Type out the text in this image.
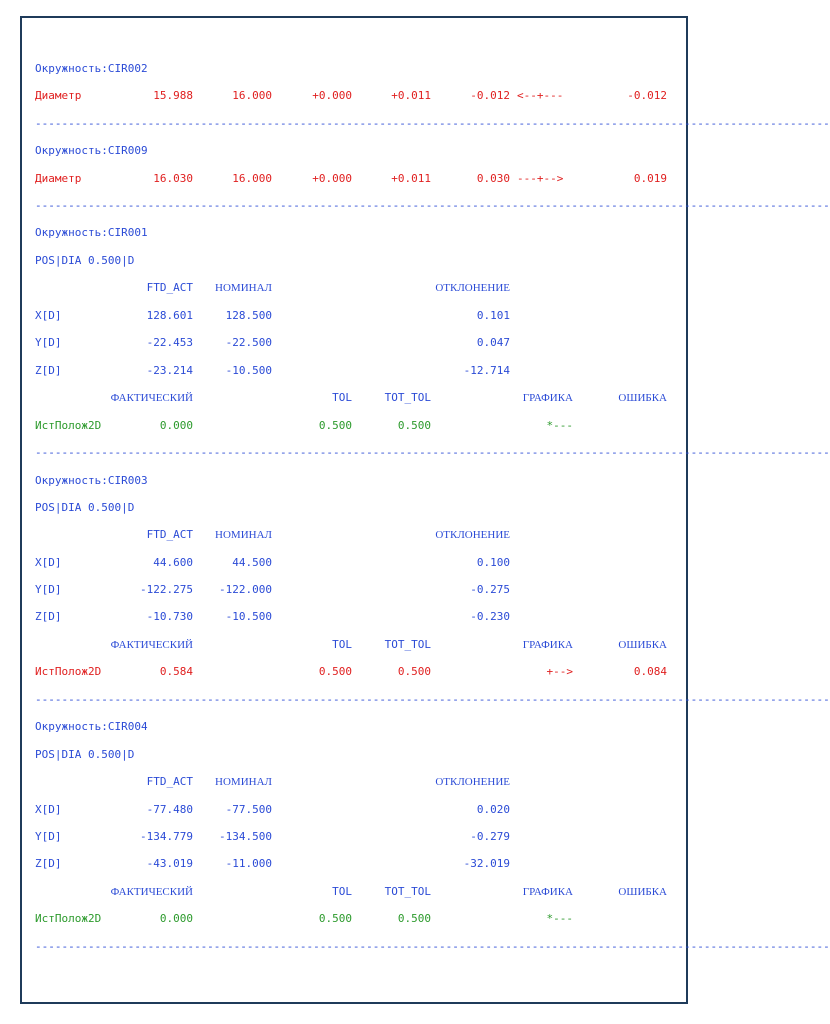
Окружность:CIR002
Диаметр	15.988	16.000	+0.000	+0.011	-0.012 <--+---	-0.012
------------------------------------------------------------------------------------------------------------------------
Окружность:CIR009
Диаметр	16.030	16.000	+0.000	+0.011	0.030 ---+-->	0.019
------------------------------------------------------------------------------------------------------------------------
Окружность:CIR001
POS|DIA 0.500|D
FTD_ACT	НОМИНАЛ	ОТКЛОНЕНИЕ
X[D]	128.601	128.500	0.101
Y[D]	-22.453	-22.500	0.047
Z[D]	-23.214	-10.500	-12.714
ФАКТИЧЕСКИЙ	TOL	TOT_TOL	ГРАФИКА	ОШИБКА
ИстПолож2D	0.000	0.500	0.500	*---
------------------------------------------------------------------------------------------------------------------------
Окружность:CIR003
POS|DIA 0.500|D
FTD_ACT	НОМИНАЛ	ОТКЛОНЕНИЕ
X[D]	44.600	44.500	0.100
Y[D]	-122.275	-122.000	-0.275
Z[D]	-10.730	-10.500	-0.230
ФАКТИЧЕСКИЙ	TOL	TOT_TOL	ГРАФИКА	ОШИБКА
ИстПолож2D	0.584	0.500	0.500	+-->	0.084
------------------------------------------------------------------------------------------------------------------------
Окружность:CIR004
POS|DIA 0.500|D
FTD_ACT	НОМИНАЛ	ОТКЛОНЕНИЕ
X[D]	-77.480	-77.500	0.020
Y[D]	-134.779	-134.500	-0.279
Z[D]	-43.019	-11.000	-32.019
ФАКТИЧЕСКИЙ	TOL	TOT_TOL	ГРАФИКА	ОШИБКА
ИстПолож2D	0.000	0.500	0.500	*---
------------------------------------------------------------------------------------------------------------------------
